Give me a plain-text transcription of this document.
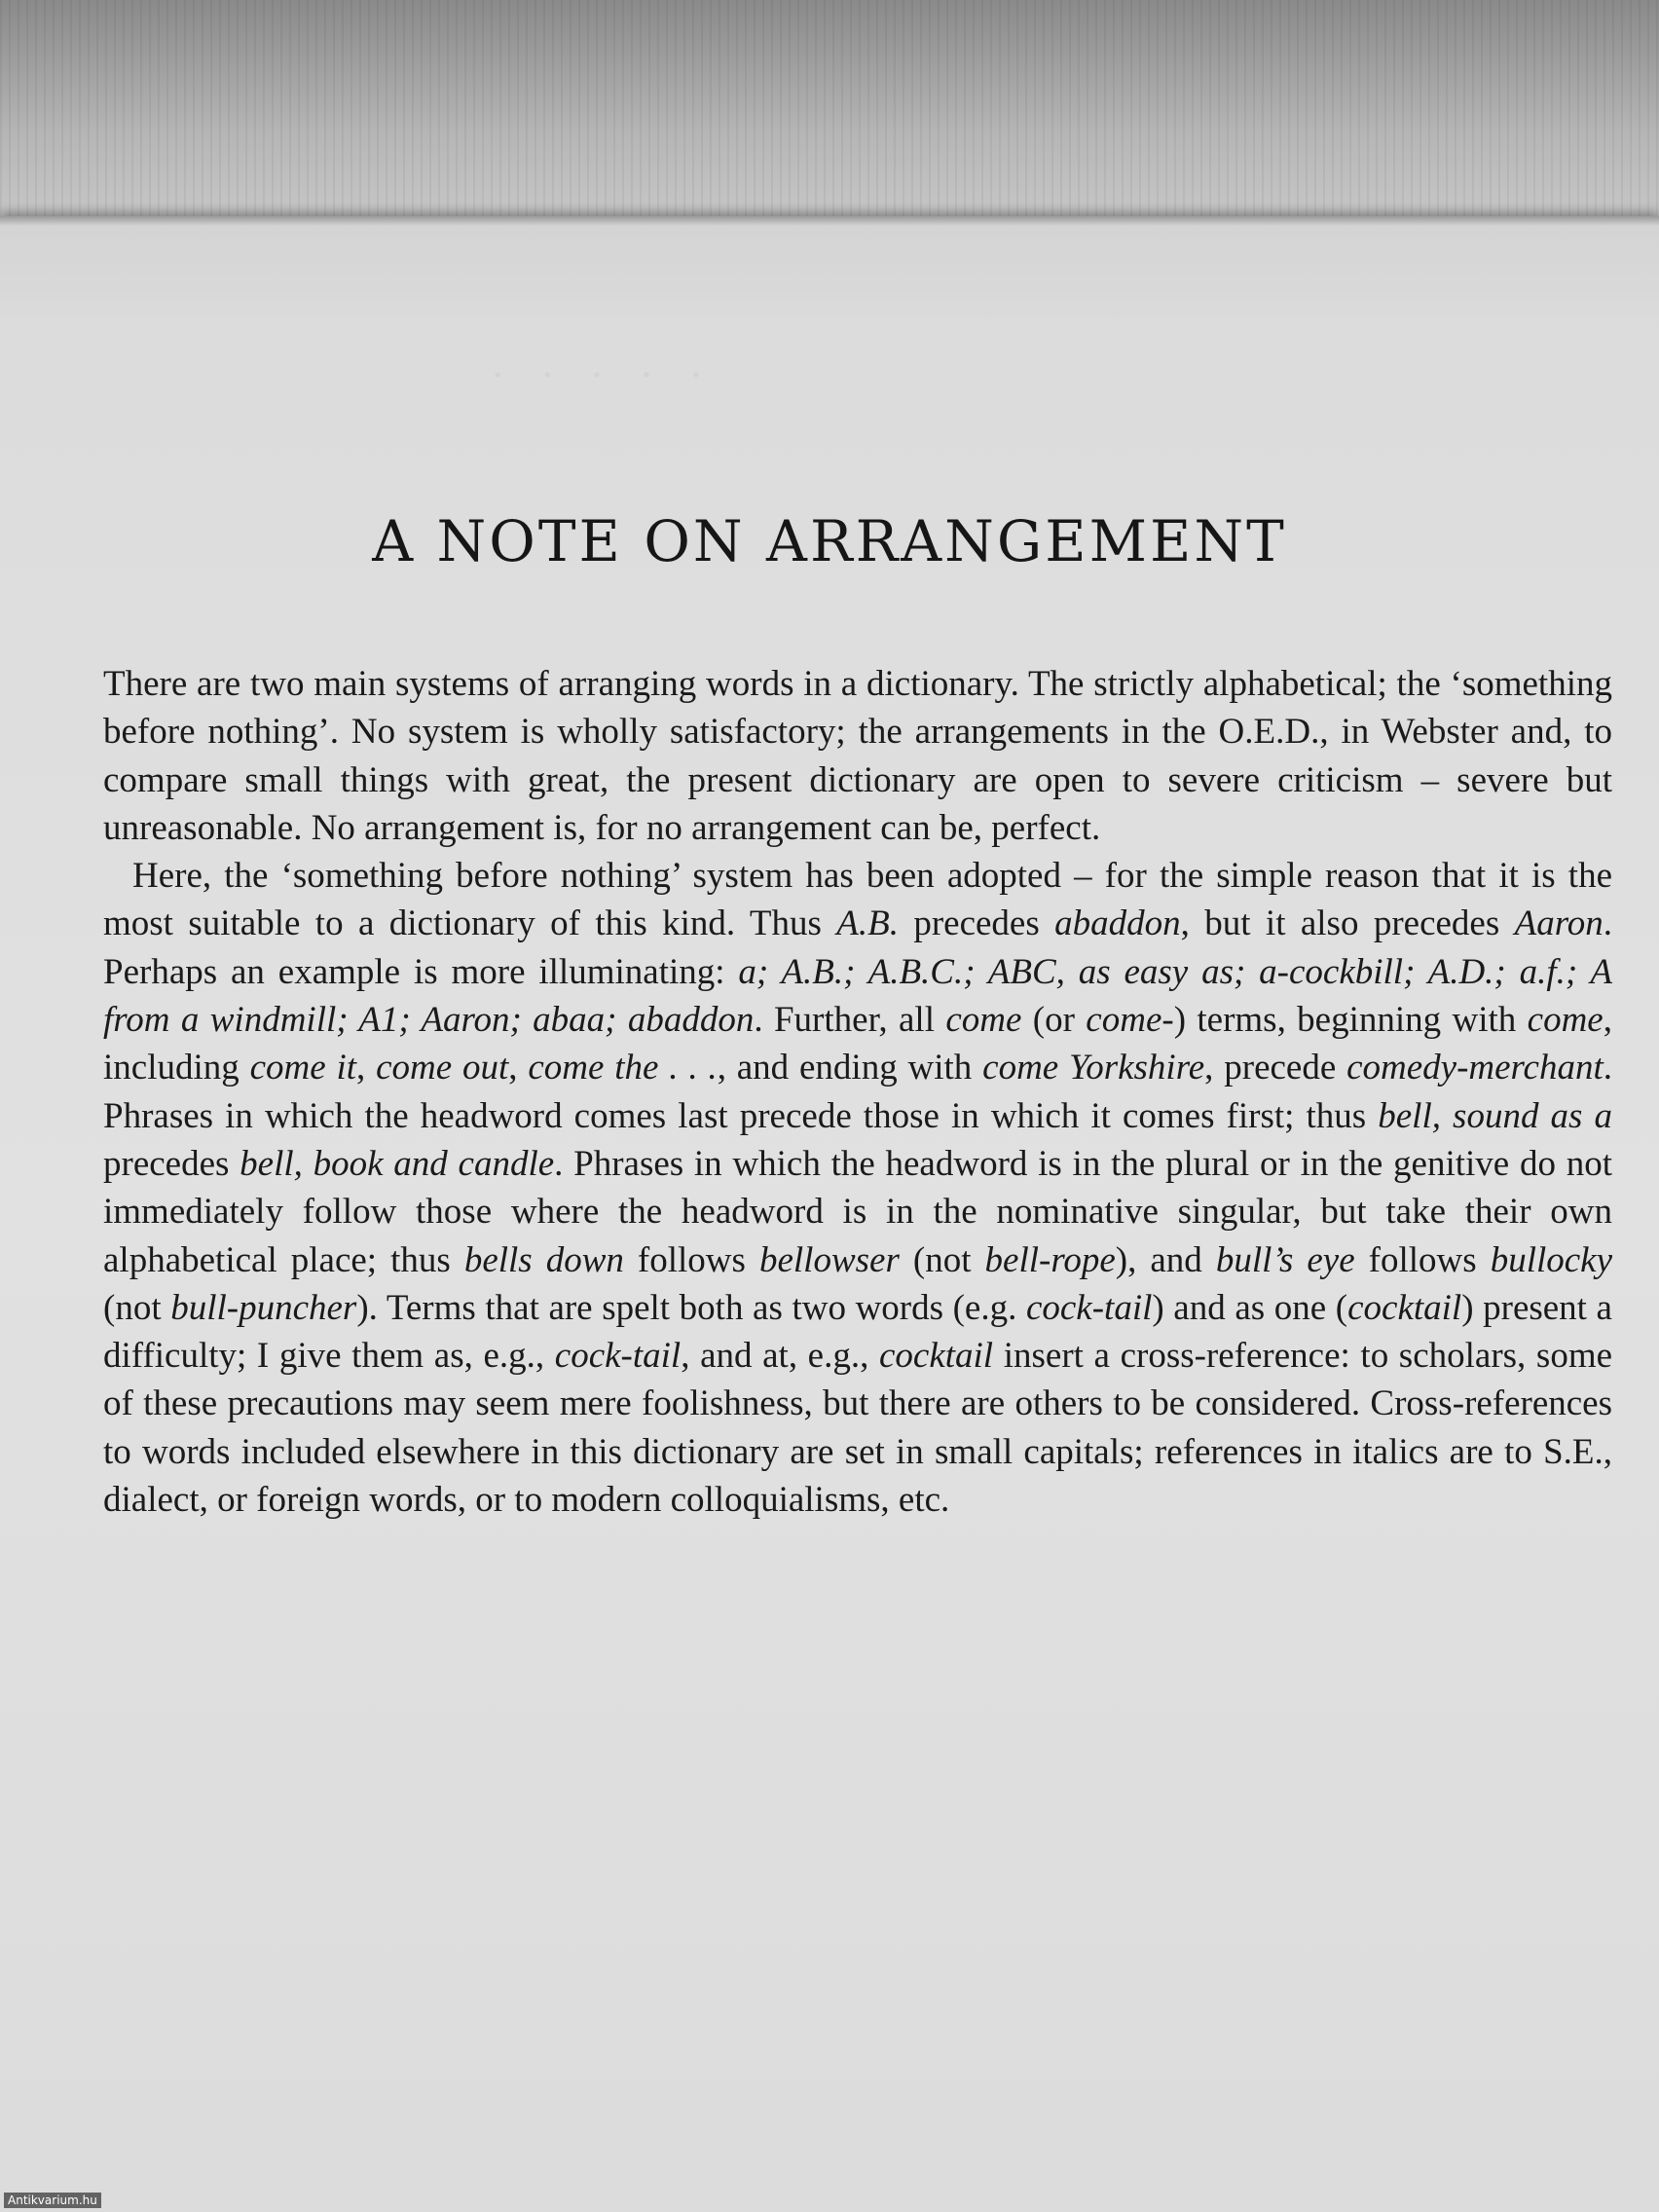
·   ·   ·   ·   ·
A NOTE ON ARRANGEMENT

There are two main systems of arranging words in a dictionary. The strictly alphabetical; the ‘something before nothing’. No system is wholly satisfactory; the arrangements in the O.E.D., in Webster and, to compare small things with great, the present dictionary are open to severe criticism – severe but unreasonable. No arrangement is, for no arrangement can be, perfect.

Here, the ‘something before nothing’ system has been adopted – for the simple reason that it is the most suitable to a dictionary of this kind. Thus A.B. precedes abaddon, but it also precedes Aaron. Perhaps an example is more illuminating: a; A.B.; A.B.C.; ABC, as easy as; a-cockbill; A.D.; a.f.; A from a windmill; A1; Aaron; abaa; abaddon. Further, all come (or come-) terms, beginning with come, including come it, come out, come the . . ., and ending with come Yorkshire, precede comedy-merchant. Phrases in which the headword comes last precede those in which it comes first; thus bell, sound as a precedes bell, book and candle. Phrases in which the headword is in the plural or in the genitive do not immediately follow those where the headword is in the nominative singular, but take their own alphabetical place; thus bells down follows bellowser (not bell-rope), and bull’s eye follows bullocky (not bull-puncher). Terms that are spelt both as two words (e.g. cock-tail) and as one (cocktail) present a difficulty; I give them as, e.g., cock-tail, and at, e.g., cocktail insert a cross-reference: to scholars, some of these precautions may seem mere foolishness, but there are others to be considered. Cross-references to words included elsewhere in this dictionary are set in small capitals; references in italics are to S.E., dialect, or foreign words, or to modern colloquialisms, etc.

Antikvarium.hu
